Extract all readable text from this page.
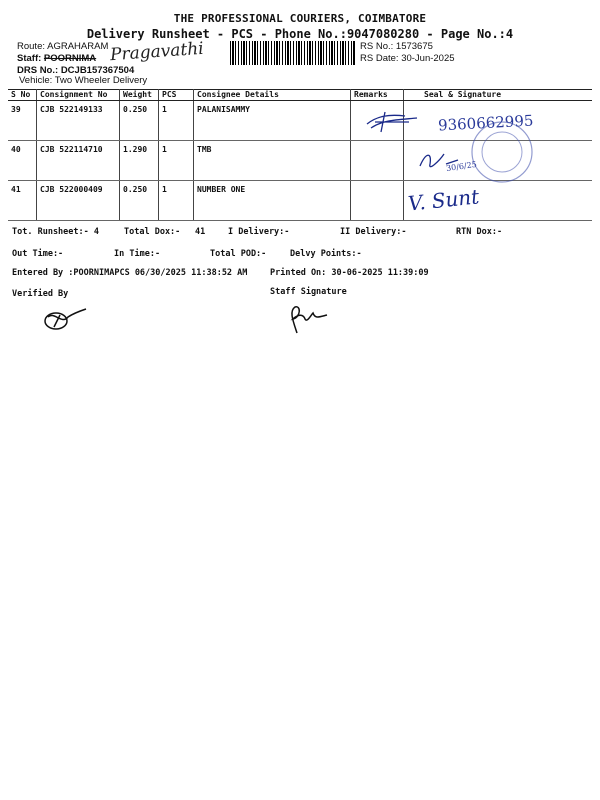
THE PROFESSIONAL COURIERS, COIMBATORE
Delivery Runsheet - PCS - Phone No.:9047080280 - Page No.:4
Route: AGRAHARAM
Staff: POORNIMA Pragavathi
DRS No.: DCJB157367504
Vehicle: Two Wheeler Delivery
RS No.: 1573675
RS Date: 30-Jun-2025
S No	Consignment No	Weight	PCS	Consignee Details	Remarks	Seal & Signature
39	CJB 522149133	0.250	1	PALANISAMMY		
40	CJB 522114710	1.290	1	TMB		
41	CJB 522000409	0.250	1	NUMBER ONE		
9360662995
30/6/25
V. Sunt
Tot. Runsheet:- 4	Total Dox:- 41	I Delivery:-	II Delivery:-	RTN Dox:-
Out Time:-	In Time:-	Total POD:-	Delvy Points:-
Entered By :POORNIMAPCS 06/30/2025 11:38:52 AM	Printed On: 30-06-2025 11:39:09
Verified By	Staff Signature
